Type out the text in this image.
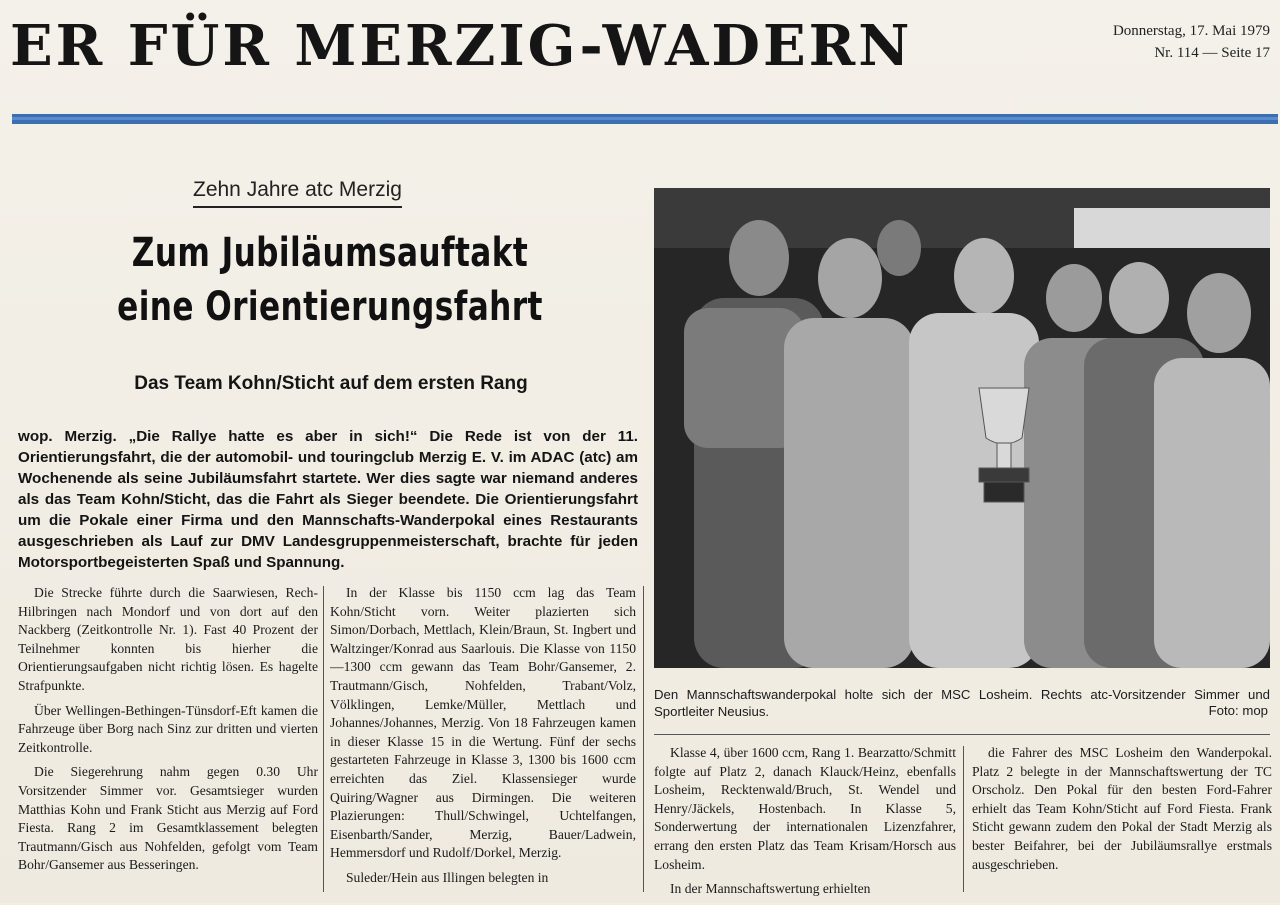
ER FÜR MERZIG-WADERN	Donnerstag, 17. Mai 1979
Nr. 114 — Seite 17
Zehn Jahre atc Merzig
Zum Jubiläumsauftakt
eine Orientierungsfahrt
Das Team Kohn/Sticht auf dem ersten Rang
wop. Merzig. „Die Rallye hatte es aber in sich!“ Die Rede ist von der 11. Orientierungsfahrt, die der automobil- und touringclub Merzig E. V. im ADAC (atc) am Wochenende als seine Jubiläumsfahrt startete. Wer dies sagte war niemand anderes als das Team Kohn/Sticht, das die Fahrt als Sieger beendete. Die Orientierungsfahrt um die Pokale einer Firma und den Mannschafts-Wanderpokal eines Restaurants ausgeschrieben als Lauf zur DMV Landesgruppenmeisterschaft, brachte für jeden Motorsportbegeisterten Spaß und Spannung.

Die Strecke führte durch die Saarwiesen, Rech-Hilbringen nach Mondorf und von dort auf den Nackberg (Zeitkontrolle Nr. 1). Fast 40 Prozent der Teilnehmer konnten bis hierher die Orientierungsaufgaben nicht richtig lösen. Es hagelte Strafpunkte.

Über Wellingen-Bethingen-Tünsdorf-Eft kamen die Fahrzeuge über Borg nach Sinz zur dritten und vierten Zeitkontrolle.

Die Siegerehrung nahm gegen 0.30 Uhr Vorsitzender Simmer vor. Gesamtsieger wurden Matthias Kohn und Frank Sticht aus Merzig auf Ford Fiesta. Rang 2 im Gesamtklassement belegten Trautmann/Gisch aus Nohfelden, gefolgt vom Team Bohr/Gansemer aus Besseringen.

In der Klasse bis 1150 ccm lag das Team Kohn/Sticht vorn. Weiter plazierten sich Simon/Dorbach, Mettlach, Klein/Braun, St. Ingbert und Waltzinger/Konrad aus Saarlouis. Die Klasse von 1150—1300 ccm gewann das Team Bohr/Gansemer, 2. Trautmann/Gisch, Nohfelden, Trabant/Volz, Völklingen, Lemke/Müller, Mettlach und Johannes/Johannes, Merzig. Von 18 Fahrzeugen kamen in dieser Klasse 15 in die Wertung. Fünf der sechs gestarteten Fahrzeuge in Klasse 3, 1300 bis 1600 ccm erreichten das Ziel. Klassensieger wurde Quiring/Wagner aus Dirmingen. Die weiteren Plazierungen: Thull/Schwingel, Uchtelfangen, Eisenbarth/Sander, Merzig, Bauer/Ladwein, Hemmersdorf und Rudolf/Dorkel, Merzig.

Suleder/Hein aus Illingen belegten in

Den Mannschaftswanderpokal holte sich der MSC Losheim. Rechts atc-Vorsitzender Simmer und Sportleiter Neusius.	Foto: mop

Klasse 4, über 1600 ccm, Rang 1. Bearzatto/Schmitt folgte auf Platz 2, danach Klauck/Heinz, ebenfalls Losheim, Recktenwald/Bruch, St. Wendel und Henry/Jäckels, Hostenbach. In Klasse 5, Sonderwertung der internationalen Lizenzfahrer, errang den ersten Platz das Team Krisam/Horsch aus Losheim.

In der Mannschaftswertung erhielten

die Fahrer des MSC Losheim den Wanderpokal. Platz 2 belegte in der Mannschaftswertung der TC Orscholz. Den Pokal für den besten Ford-Fahrer erhielt das Team Kohn/Sticht auf Ford Fiesta. Frank Sticht gewann zudem den Pokal der Stadt Merzig als bester Beifahrer, bei der Jubiläumsrallye erstmals ausgeschrieben.
